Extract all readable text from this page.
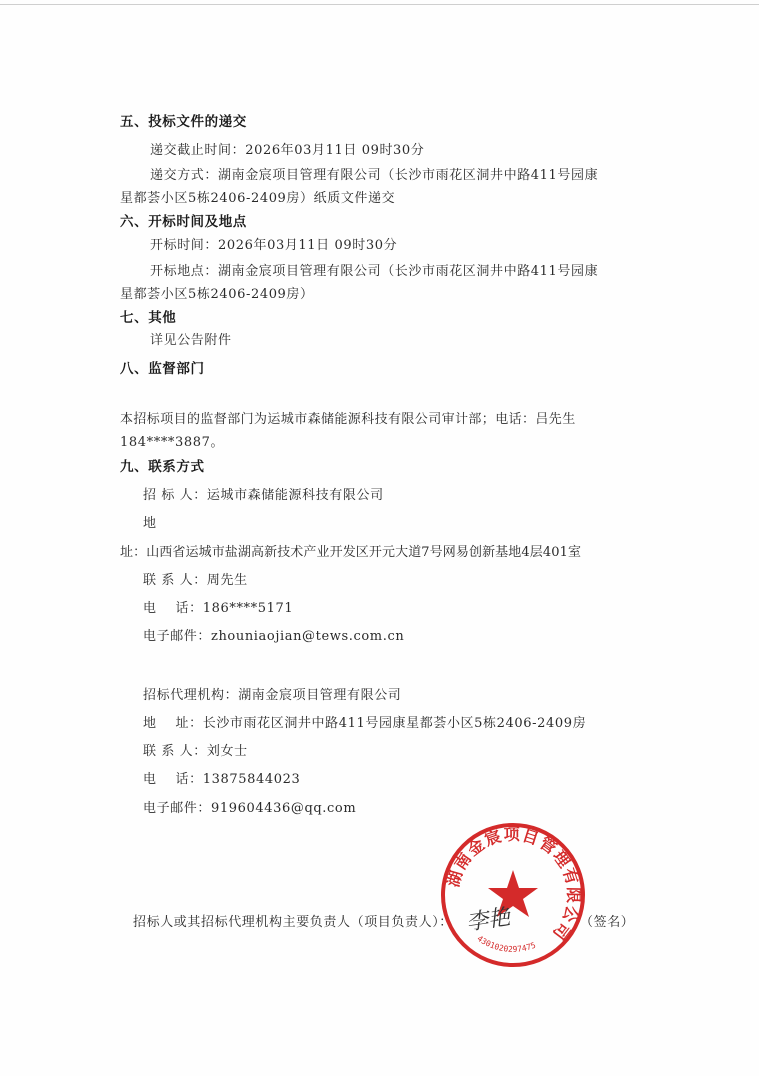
五、投标文件的递交
递交截止时间：2026年03月11日 09时30分
递交方式：湖南金宸项目管理有限公司（长沙市雨花区洞井中路411号园康
星都荟小区5栋2406-2409房）纸质文件递交
六、开标时间及地点
开标时间：2026年03月11日 09时30分
开标地点：湖南金宸项目管理有限公司（长沙市雨花区洞井中路411号园康
星都荟小区5栋2406-2409房）
七、其他
详见公告附件
八、监督部门
本招标项目的监督部门为运城市森储能源科技有限公司审计部；电话：吕先生
184****3887。
九、联系方式
招 标 人：运城市森储能源科技有限公司
地
址：山西省运城市盐湖高新技术产业开发区开元大道7号网易创新基地4层401室
联 系 人：周先生
电    话：186****5171
电子邮件：zhouniaojian@tews.com.cn
招标代理机构：湖南金宸项目管理有限公司
地    址：长沙市雨花区洞井中路411号园康星都荟小区5栋2406-2409房
联 系 人：刘女士
电    话：13875844023
电子邮件：919604436@qq.com
招标人或其招标代理机构主要负责人（项目负责人）：	（签名）
湖南金宸项目管理有限公司
4301020297475
李艳
